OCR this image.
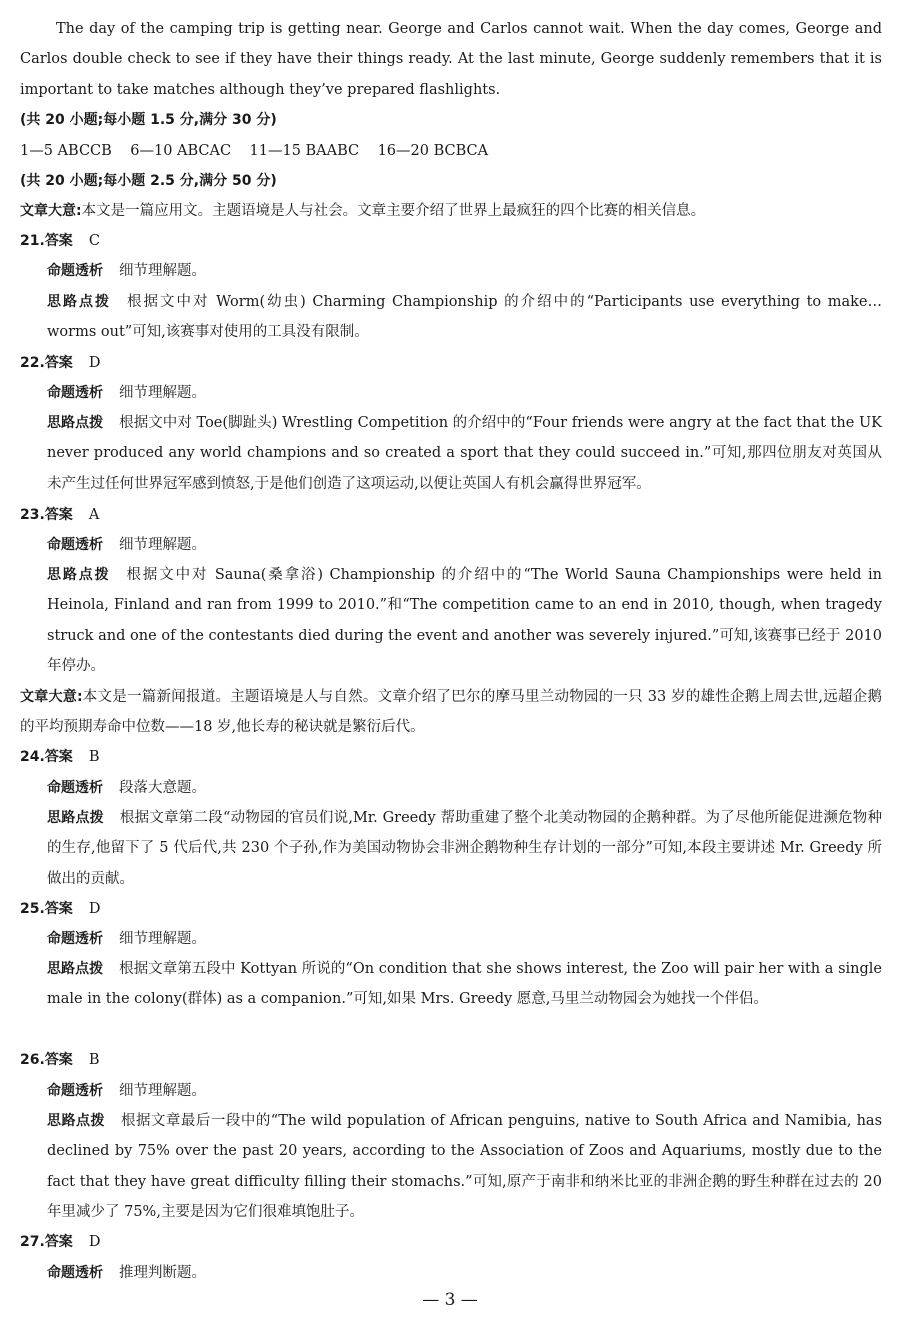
The day of the camping trip is getting near. George and Carlos cannot wait. When the day comes, George and Carlos double check to see if they have their things ready. At the last minute, George suddenly remembers that it is important to take matches although they’ve prepared flashlights.
(共 20 小题;每小题 1.5 分,满分 30 分)
1—5 ABCCB    6—10 ABCAC    11—15 BAABC    16—20 BCBCA
(共 20 小题;每小题 2.5 分,满分 50 分)
文章大意:本文是一篇应用文。主题语境是人与社会。文章主要介绍了世界上最疯狂的四个比赛的相关信息。
21.答案 C
命题透析 细节理解题。
思路点拨 根据文中对 Worm(幼虫) Charming Championship 的介绍中的“Participants use everything to make… worms out”可知,该赛事对使用的工具没有限制。
22.答案 D
命题透析 细节理解题。
思路点拨 根据文中对 Toe(脚趾头) Wrestling Competition 的介绍中的“Four friends were angry at the fact that the UK never produced any world champions and so created a sport that they could succeed in.”可知,那四位朋友对英国从未产生过任何世界冠军感到愤怒,于是他们创造了这项运动,以便让英国人有机会赢得世界冠军。
23.答案 A
命题透析 细节理解题。
思路点拨 根据文中对 Sauna(桑拿浴) Championship 的介绍中的“The World Sauna Championships were held in Heinola, Finland and ran from 1999 to 2010.”和“The competition came to an end in 2010, though, when tragedy struck and one of the contestants died during the event and another was severely injured.”可知,该赛事已经于 2010 年停办。
文章大意:本文是一篇新闻报道。主题语境是人与自然。文章介绍了巴尔的摩马里兰动物园的一只 33 岁的雄性企鹅上周去世,远超企鹅的平均预期寿命中位数——18 岁,他长寿的秘诀就是繁衍后代。
24.答案 B
命题透析 段落大意题。
思路点拨 根据文章第二段“动物园的官员们说,Mr. Greedy 帮助重建了整个北美动物园的企鹅种群。为了尽他所能促进濒危物种的生存,他留下了 5 代后代,共 230 个子孙,作为美国动物协会非洲企鹅物种生存计划的一部分”可知,本段主要讲述 Mr. Greedy 所做出的贡献。
25.答案 D
命题透析 细节理解题。
思路点拨 根据文章第五段中 Kottyan 所说的“On condition that she shows interest, the Zoo will pair her with a single male in the colony(群体) as a companion.”可知,如果 Mrs. Greedy 愿意,马里兰动物园会为她找一个伴侣。
26.答案 B
命题透析 细节理解题。
思路点拨 根据文章最后一段中的“The wild population of African penguins, native to South Africa and Namibia, has declined by 75% over the past 20 years, according to the Association of Zoos and Aquariums, mostly due to the fact that they have great difficulty filling their stomachs.”可知,原产于南非和纳米比亚的非洲企鹅的野生种群在过去的 20 年里减少了 75%,主要是因为它们很难填饱肚子。
27.答案 D
命题透析 推理判断题。
— 3 —
